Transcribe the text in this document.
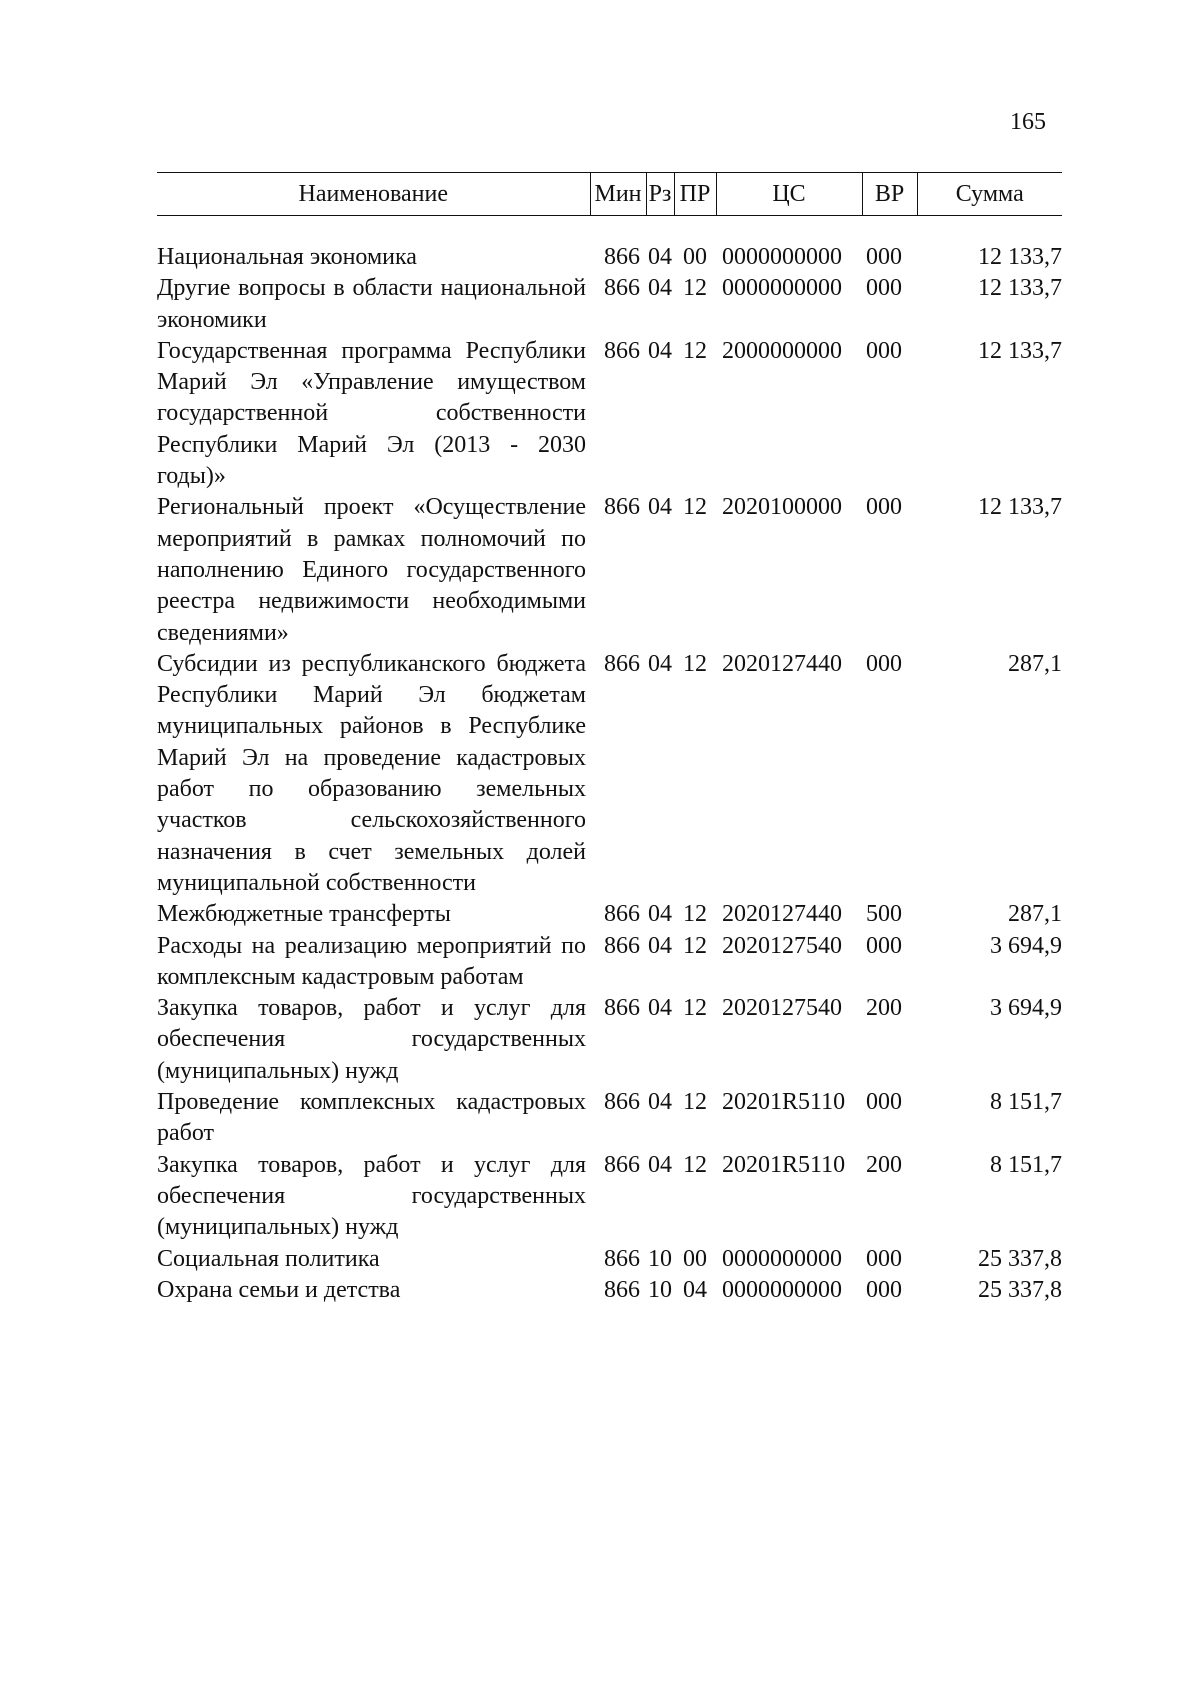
165
Наименование	Мин	Рз	ПР	ЦС	ВР	Сумма

Национальная экономика	866	04	00	0000000000	000	12 133,7
Другие вопросы в области национальной экономики	866	04	12	0000000000	000	12 133,7
Государственная программа Республики Марий Эл «Управление имуществом государственной собственности Республики Марий Эл (2013 - 2030 годы)»	866	04	12	2000000000	000	12 133,7
Региональный проект «Осуществление мероприятий в рамках полномочий по наполнению Единого государственного реестра недвижимости необходимыми сведениями»	866	04	12	2020100000	000	12 133,7
Субсидии из республиканского бюджета Республики Марий Эл бюджетам муниципальных районов в Республике Марий Эл на проведение кадастровых работ по образованию земельных участков сельскохозяйственного назначения в счет земельных долей муниципальной собственности	866	04	12	2020127440	000	287,1
Межбюджетные трансферты	866	04	12	2020127440	500	287,1
Расходы на реализацию мероприятий по комплексным кадастровым работам	866	04	12	2020127540	000	3 694,9
Закупка товаров, работ и услуг для обеспечения государственных (муниципальных) нужд	866	04	12	2020127540	200	3 694,9
Проведение комплексных кадастровых работ	866	04	12	20201R5110	000	8 151,7
Закупка товаров, работ и услуг для обеспечения государственных (муниципальных) нужд	866	04	12	20201R5110	200	8 151,7
Социальная политика	866	10	00	0000000000	000	25 337,8
Охрана семьи и детства	866	10	04	0000000000	000	25 337,8
